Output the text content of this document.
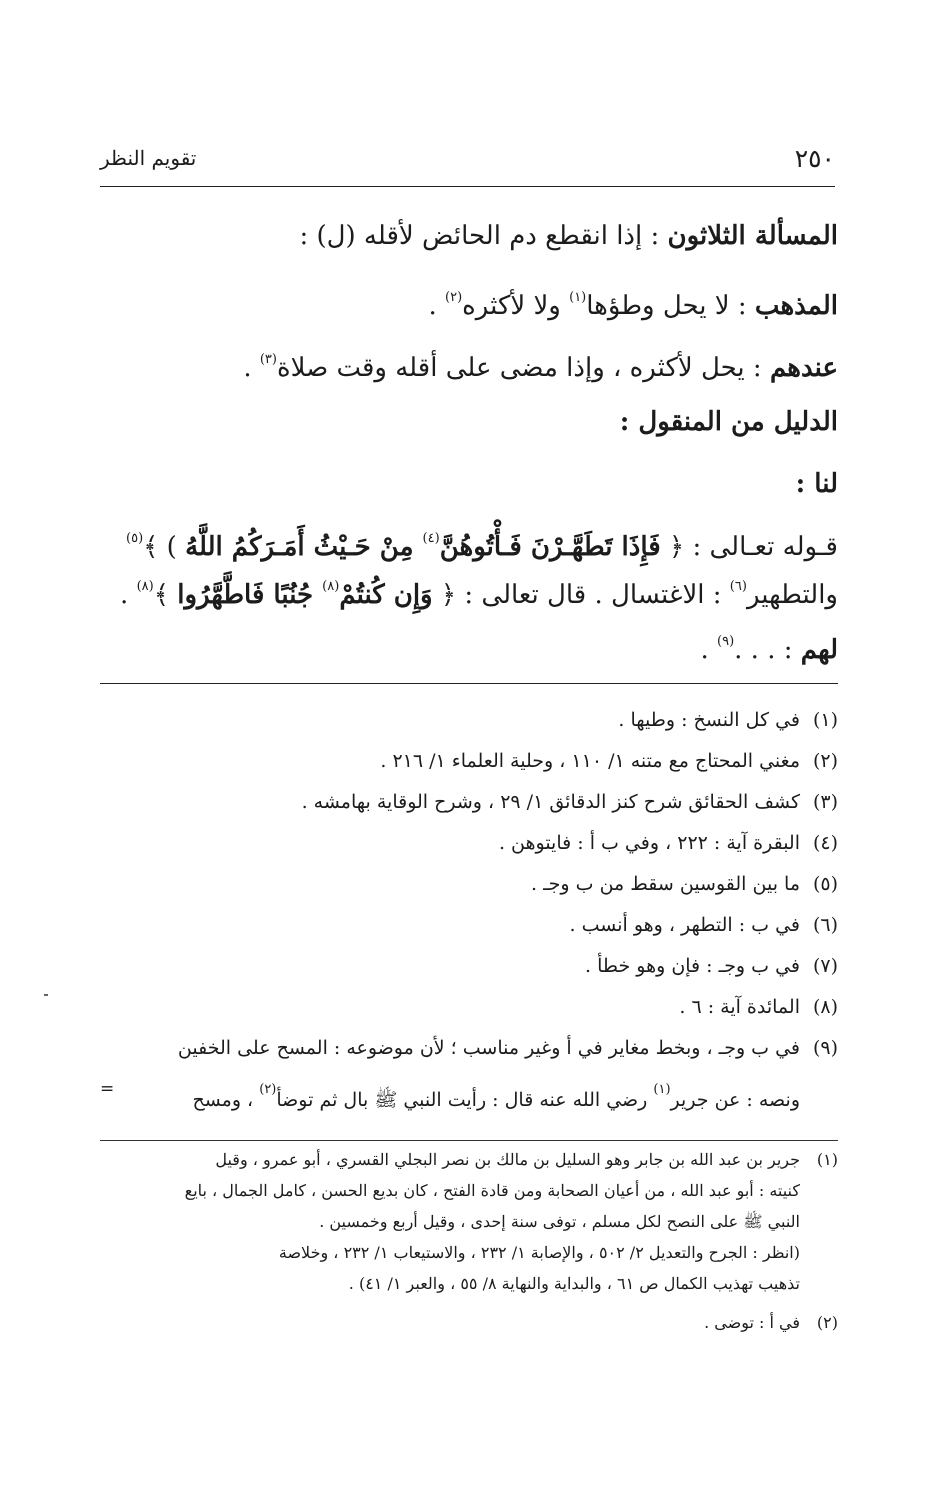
٢٥٠
تقويم النظر
المسألة الثلاثون : إذا انقطع دم الحائض لأقله (ل) :
المذهب : لا يحل وطؤها$^{(١)}$ ولا لأكثره$^{(٢)}$ .
عندهم : يحل لأكثره ، وإذا مضى على أقله وقت صلاة$^{(٣)}$ .
الدليل من المنقول :
لنا :
قـوله تعـالى : ﴿ فَإِذَا تَطَهَّـرْنَ فَـأْتُوهُنَّ$^{(٤)}$ مِنْ حَـيْثُ أَمَـرَكُمُ اللَّهُ ) ﴾$^{(٥)}$
والتطهير$^{(٦)}$ : الاغتسال . قال تعالى : ﴿ وَإِن كُنتُمْ$^{(٨)}$ جُنُبًا فَاطَّهَّرُوا ﴾$^{(٨)}$ .
لهم : . . .$^{(٩)}$ .
(١)في كل النسخ : وطيها .
(٢)مغني المحتاج مع متنه ١/ ١١٠ ، وحلية العلماء ١/ ٢١٦ .
(٣)كشف الحقائق شرح كنز الدقائق ١/ ٢٩ ، وشرح الوقاية بهامشه .
(٤)البقرة آية : ٢٢٢ ، وفي ب أ : فايتوهن .
(٥)ما بين القوسين سقط من ب وجـ .
(٦)في ب : التطهر ، وهو أنسب .
(٧)في ب وجـ : فإن وهو خطأ .
(٨)المائدة آية : ٦ .
(٩)في ب وجـ ، وبخط مغاير في أ وغير مناسب ؛ لأن موضوعه : المسح على الخفين
ونصه : عن جرير$^{(١)}$ رضي الله عنه قال : رأيت النبي ﷺ بال ثم توضأ$^{(٢)}$ ، ومسح
=
(١)جرير بن عبد الله بن جابر وهو السليل بن مالك بن نصر البجلي القسري ، أبو عمرو ، وقيل
كنيته : أبو عبد الله ، من أعيان الصحابة ومن قادة الفتح ، كان بديع الحسن ، كامل الجمال ، بايع
النبي ﷺ على النصح لكل مسلم ، توفى سنة إحدى ، وقيل أربع وخمسين .
(انظر : الجرح والتعديل ٢/ ٥٠٢ ، والإصابة ١/ ٢٣٢ ، والاستيعاب ١/ ٢٣٢ ، وخلاصة
تذهيب تهذيب الكمال ص ٦١ ، والبداية والنهاية ٨/ ٥٥ ، والعبر ١/ ٤١) .
(٢)في أ : توضى .
